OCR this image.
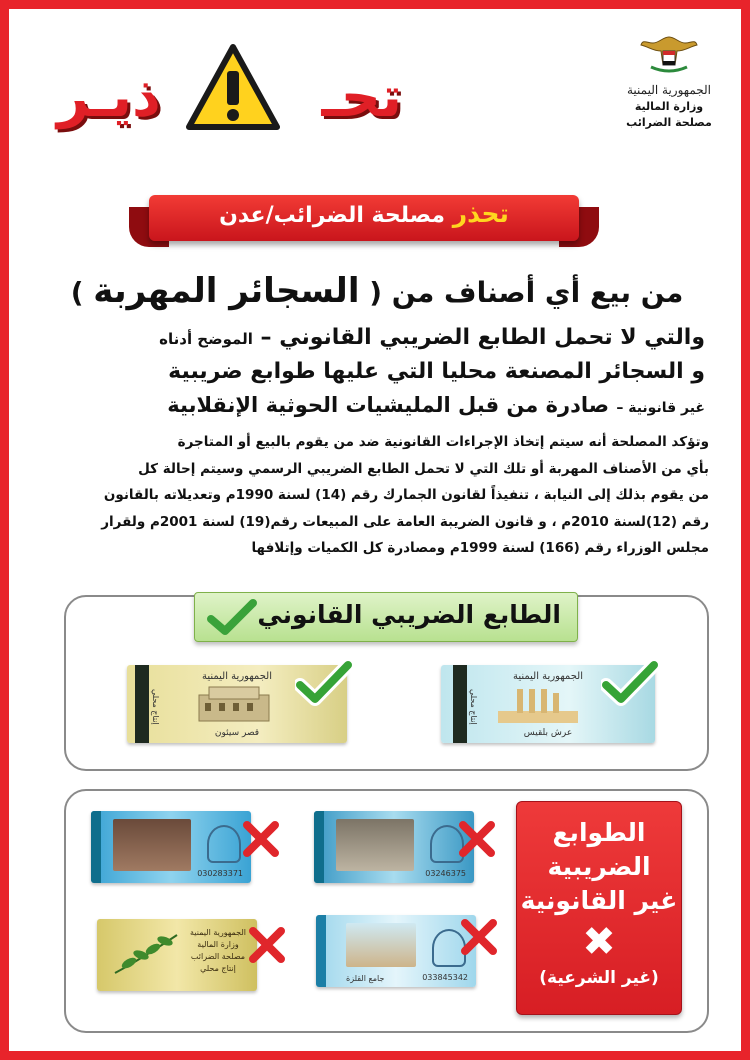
ذيـر	تحـ	الجمهورية اليمنية
وزارة المالية
مصلحة الضرائب
تحذر مصلحة الضرائب/عدن
من بيع أي أصناف من ( السجائر المهربة )
والتي لا تحمل الطابع الضريبي القانوني – الموضح أدناه
و السجائر المصنعة محليا التي عليها طوابع ضريبية
غير قانونية – صادرة من قبل المليشيات الحوثية الإنقلابية

وتؤكد المصلحة أنه سيتم إتخاذ الإجراءات القانونية ضد من يقوم بالبيع أو المتاجرة

بأي من الأصناف المهربة أو تلك التي لا تحمل الطابع الضريبي الرسمي وسيتم إحالة كل

من يقوم بذلك إلى النيابة ، تنفيذاً لقانون الجمارك رقم (14) لسنة 1990م وتعديلاته بالقانون

رقم (12)لسنة 2010م ، و قانون الضريبة العامة على المبيعات رقم(19) لسنة 2001م ولقرار

مجلس الوزراء رقم (166) لسنة 1999م ومصادرة كل الكميات وإتلافها

الطابع الضريبي القانوني
الجمهورية اليمنية
قصر سيئون
إنتاج محلي
الجمهورية اليمنية
عرش بلقيس
إنتاج محلي
الطوابع
الضريبية
غير القانونية
✖
(غير الشرعية)
030283371	03246375
الجمهورية اليمنية وزارة المالية مصلحة الضرائب إنتاج محلي
جامع القلزة	033845342
